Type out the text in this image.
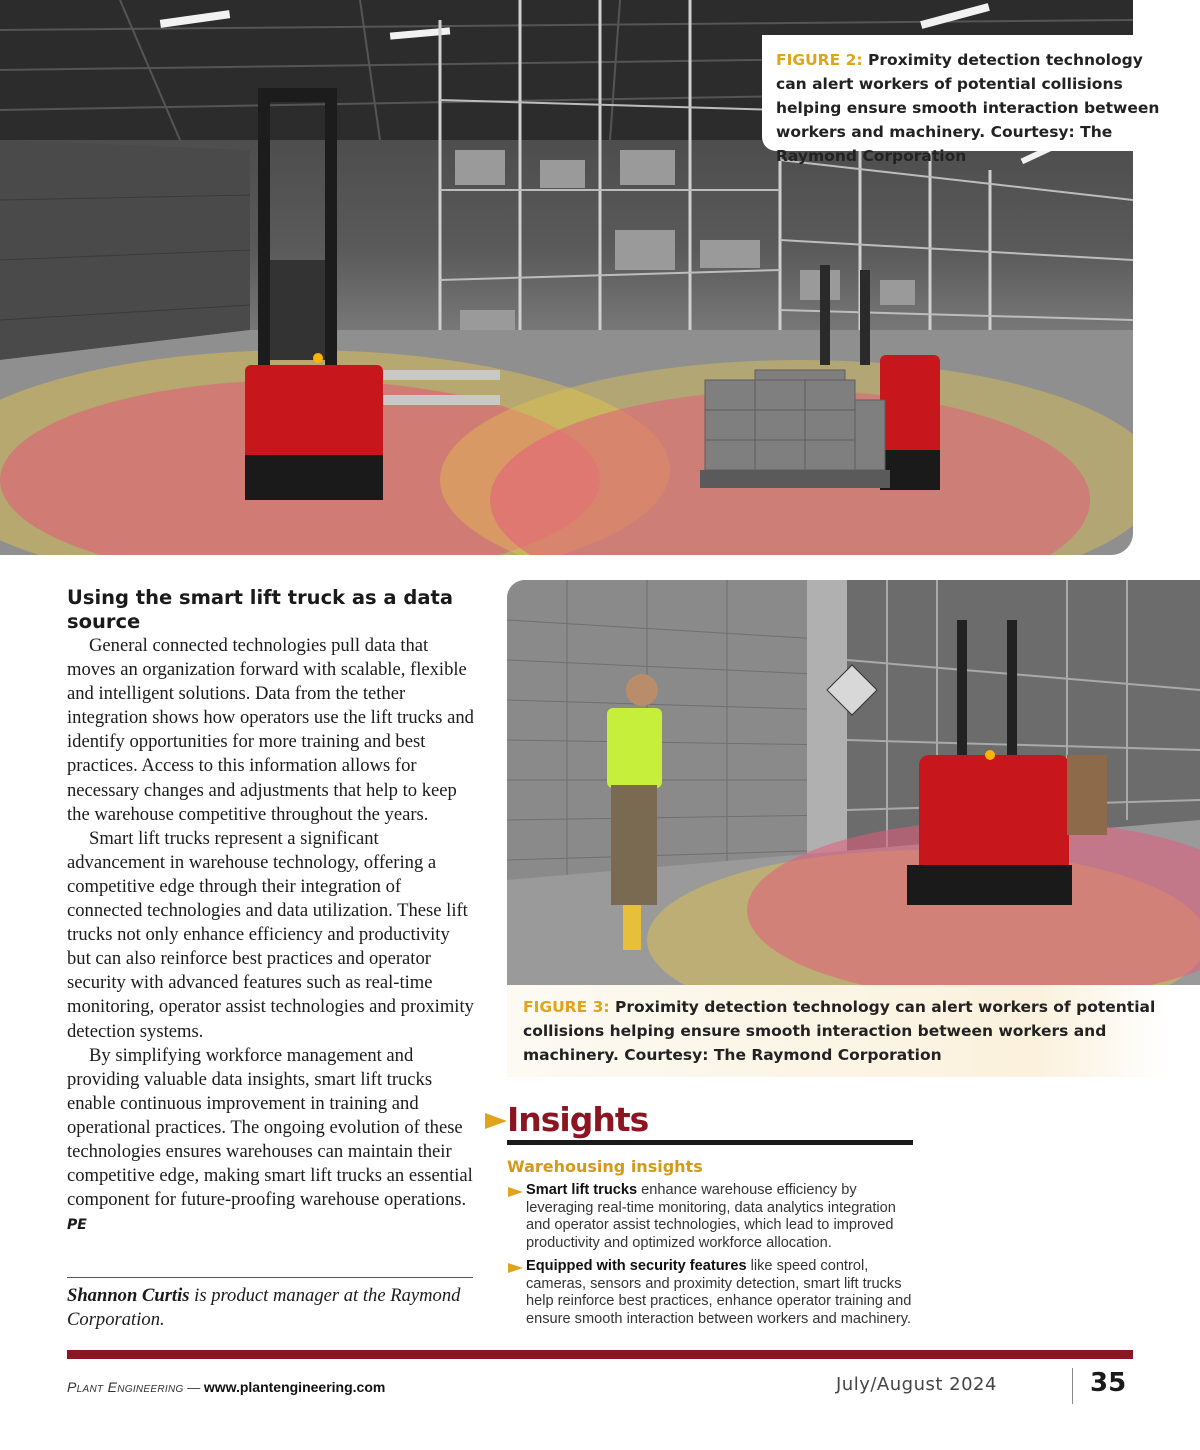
FIGURE 2: Proximity detection technology can alert workers of potential collisions helping ensure smooth interaction between workers and machinery. Courtesy: The Raymond Corporation
Using the smart lift truck as a data source

General connected technologies pull data that moves an organization forward with scalable, flexible and intelligent solutions. Data from the tether integration shows how operators use the lift trucks and identify opportunities for more training and best practices. Access to this information allows for necessary changes and adjustments that help to keep the warehouse competitive throughout the years.

Smart lift trucks represent a significant advancement in warehouse technology, offering a competitive edge through their integration of connected technologies and data utilization. These lift trucks not only enhance efficiency and productivity but can also reinforce best practices and operator security with advanced features such as real-time monitoring, operator assist technologies and proximity detection systems.

By simplifying workforce management and providing valuable data insights, smart lift trucks enable continuous improvement in training and operational practices. The ongoing evolution of these technologies ensures warehouses can maintain their competitive edge, making smart lift trucks an essential component for future-proofing warehouse operations. PE

Shannon Curtis is product manager at the Raymond Corporation.
FIGURE 3: Proximity detection technology can alert workers of potential collisions helping ensure smooth interaction between workers and machinery. Courtesy: The Raymond Corporation
Insights
Warehousing insights
Smart lift trucks enhance warehouse efficiency by leveraging real-time monitoring, data analytics integration and operator assist technologies, which lead to improved productivity and optimized workforce allocation.
Equipped with security features like speed control, cameras, sensors and proximity detection, smart lift trucks help reinforce best practices, enhance operator training and ensure smooth interaction between workers and machinery.
Plant Engineering — www.plantengineering.com	July/August 2024	35
